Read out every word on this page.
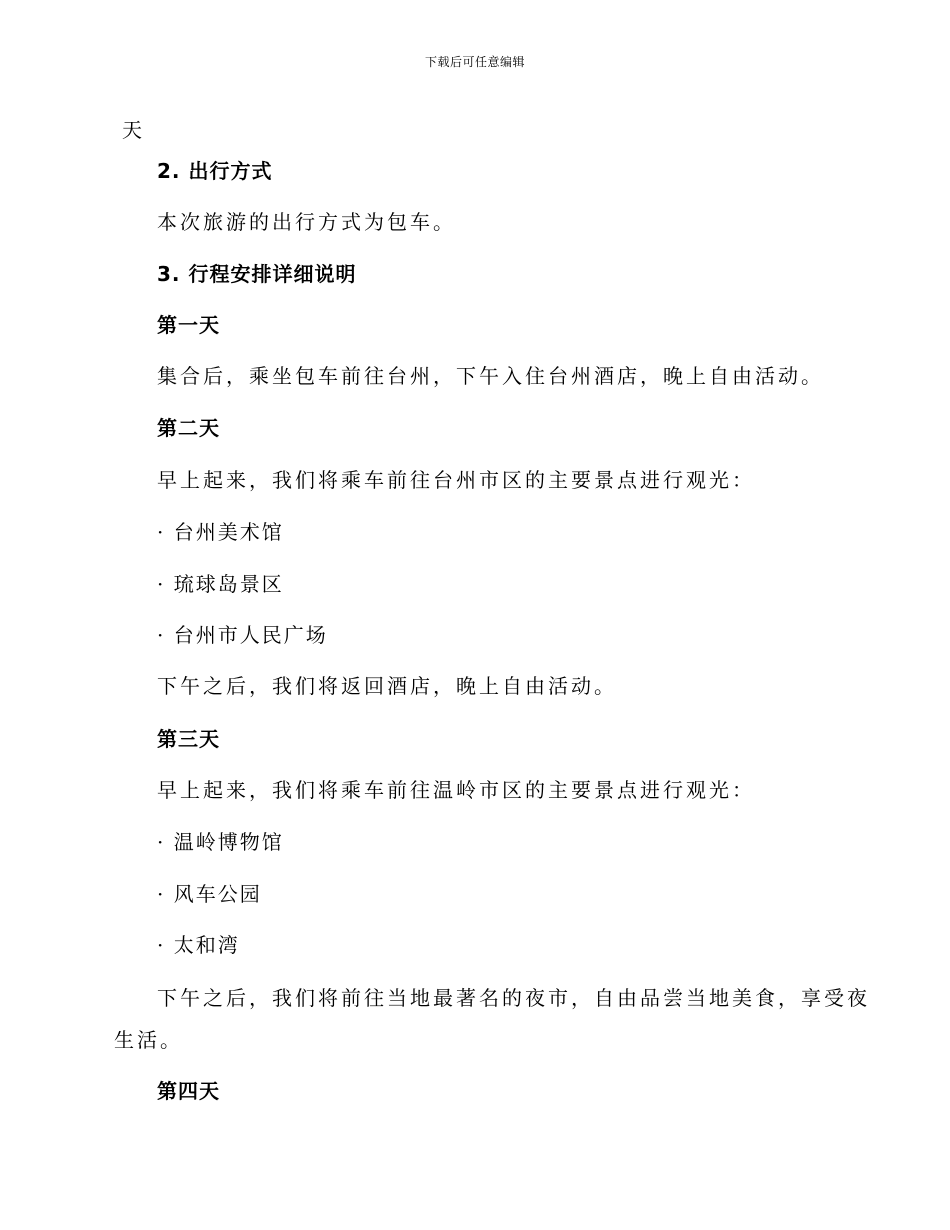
下载后可任意编辑
天
2. 出行方式
本次旅游的出行方式为包车。
3. 行程安排详细说明
第一天
集合后，乘坐包车前往台州，下午入住台州酒店，晚上自由活动。
第二天
早上起来，我们将乘车前往台州市区的主要景点进行观光：
· 台州美术馆
· 琉球岛景区
· 台州市人民广场
下午之后，我们将返回酒店，晚上自由活动。
第三天
早上起来，我们将乘车前往温岭市区的主要景点进行观光：
· 温岭博物馆
· 风车公园
· 太和湾
下午之后，我们将前往当地最著名的夜市，自由品尝当地美食，享受夜
生活。
第四天
